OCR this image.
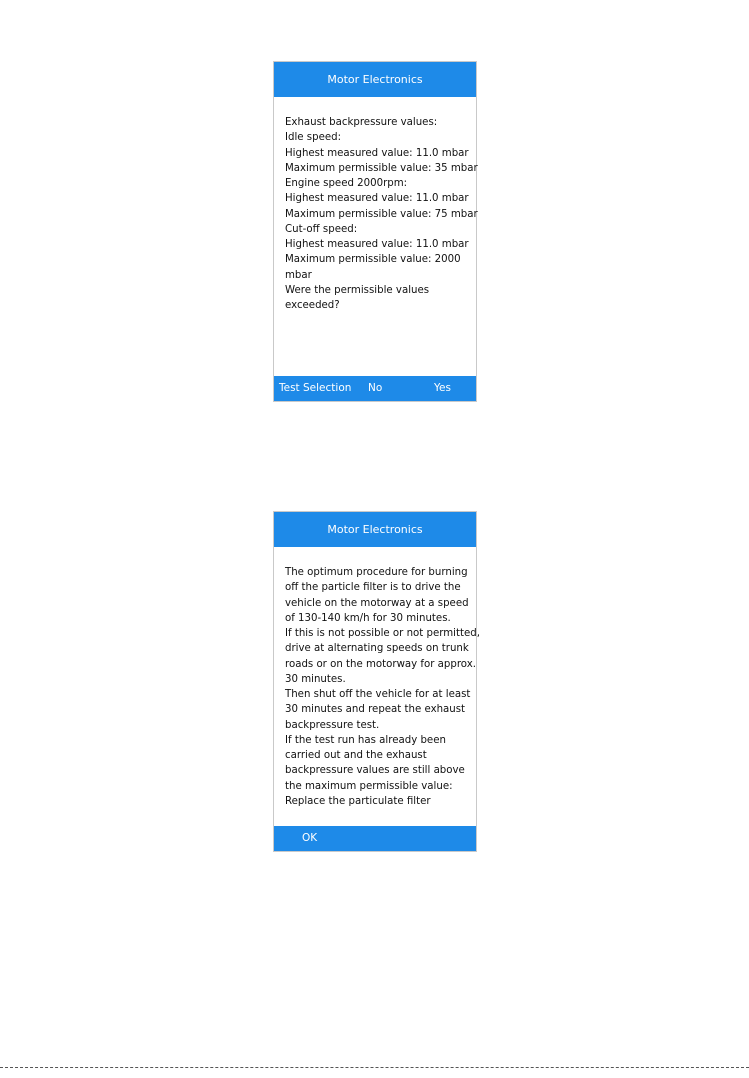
Motor Electronics
Exhaust backpressure values:
Idle speed:
Highest measured value: 11.0 mbar
Maximum permissible value: 35 mbar
Engine speed 2000rpm:
Highest measured value: 11.0 mbar
Maximum permissible value: 75 mbar
Cut-off speed:
Highest measured value: 11.0 mbar
Maximum permissible value: 2000
mbar
Were the permissible values
exceeded?
Test Selection No	Yes
Motor Electronics
The optimum procedure for burning
off the particle filter is to drive the
vehicle on the motorway at a speed
of 130-140 km/h for 30 minutes.
If this is not possible or not permitted,
drive at alternating speeds on trunk
roads or on the motorway for approx.
30 minutes.
Then shut off the vehicle for at least
30 minutes and repeat the exhaust
backpressure test.
If the test run has already been
carried out and the exhaust
backpressure values are still above
the maximum permissible value:
Replace the particulate filter
OK
